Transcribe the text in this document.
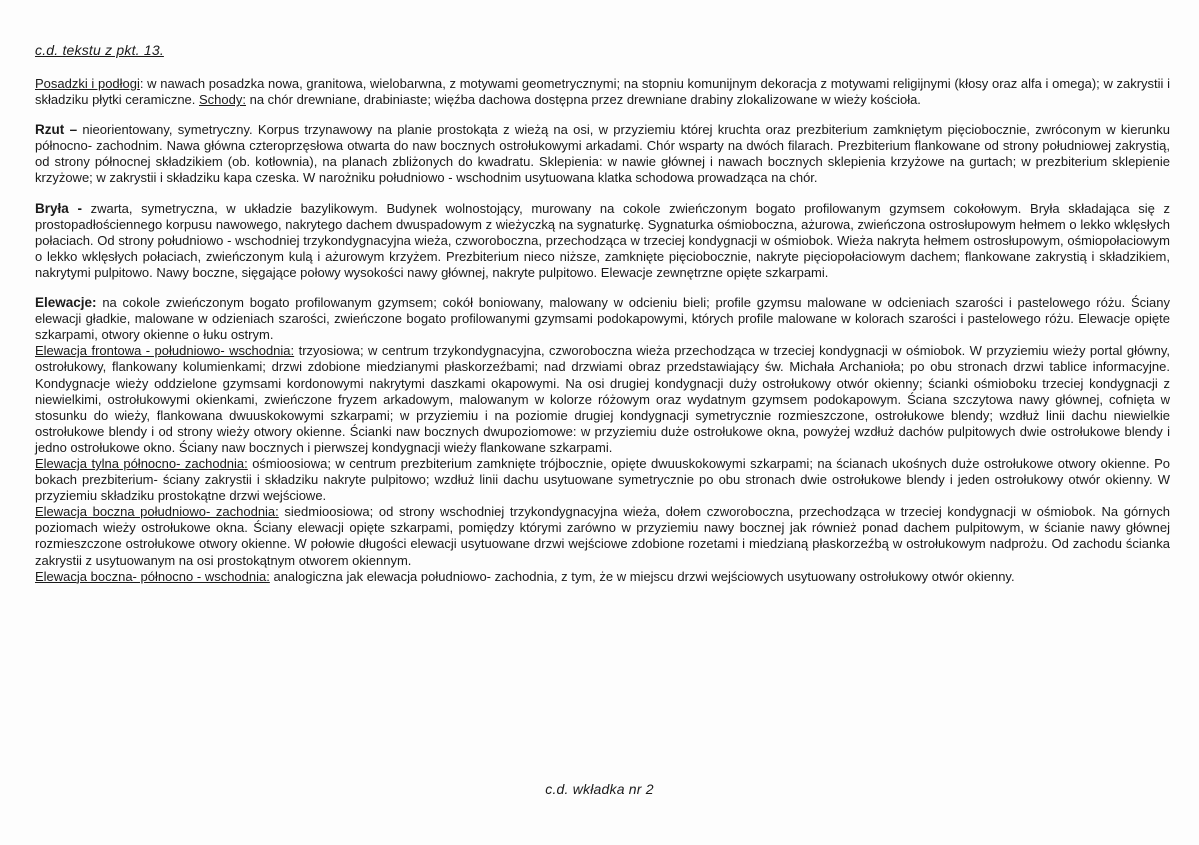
c.d. tekstu z pkt. 13.

Posadzki i podłogi: w nawach posadzka nowa, granitowa, wielobarwna, z motywami geometrycznymi; na stopniu komunijnym dekoracja z motywami religijnymi (kłosy oraz alfa i omega); w zakrystii i składziku płytki ceramiczne. Schody: na chór drewniane, drabiniaste; więźba dachowa dostępna przez drewniane drabiny zlokalizowane w wieży kościoła.

Rzut – nieorientowany, symetryczny. Korpus trzynawowy na planie prostokąta z wieżą na osi, w przyziemiu której kruchta oraz prezbiterium zamkniętym pięciobocznie, zwróconym w kierunku północno- zachodnim. Nawa główna czteroprzęsłowa otwarta do naw bocznych ostrołukowymi arkadami. Chór wsparty na dwóch filarach. Prezbiterium flankowane od strony południowej zakrystią, od strony północnej składzikiem (ob. kotłownia), na planach zbliżonych do kwadratu. Sklepienia: w nawie głównej i nawach bocznych sklepienia krzyżowe na gurtach; w prezbiterium sklepienie krzyżowe; w zakrystii i składziku kapa czeska. W narożniku południowo - wschodnim usytuowana klatka schodowa prowadząca na chór.

Bryła - zwarta, symetryczna, w układzie bazylikowym. Budynek wolnostojący, murowany na cokole zwieńczonym bogato profilowanym gzymsem cokołowym. Bryła składająca się z prostopadłościennego korpusu nawowego, nakrytego dachem dwuspadowym z wieżyczką na sygnaturkę. Sygnaturka ośmioboczna, ażurowa, zwieńczona ostrosłupowym hełmem o lekko wklęsłych połaciach. Od strony południowo - wschodniej trzykondygnacyjna wieża, czworoboczna, przechodząca w trzeciej kondygnacji w ośmiobok. Wieża nakryta hełmem ostrosłupowym, ośmiopołaciowym o lekko wklęsłych połaciach, zwieńczonym kulą i ażurowym krzyżem. Prezbiterium nieco niższe, zamknięte pięciobocznie, nakryte pięciopołaciowym dachem; flankowane zakrystią i składzikiem, nakrytymi pulpitowo. Nawy boczne, sięgające połowy wysokości nawy głównej, nakryte pulpitowo. Elewacje zewnętrzne opięte szkarpami.

Elewacje: na cokole zwieńczonym bogato profilowanym gzymsem; cokół boniowany, malowany w odcieniu bieli; profile gzymsu malowane w odcieniach szarości i pastelowego różu. Ściany elewacji gładkie, malowane w odzieniach szarości, zwieńczone bogato profilowanymi gzymsami podokapowymi, których profile malowane w kolorach szarości i pastelowego różu. Elewacje opięte szkarpami, otwory okienne o łuku ostrym.

Elewacja frontowa - południowo- wschodnia: trzyosiowa; w centrum trzykondygnacyjna, czworoboczna wieża przechodząca w trzeciej kondygnacji w ośmiobok. W przyziemiu wieży portal główny, ostrołukowy, flankowany kolumienkami; drzwi zdobione miedzianymi płaskorzeźbami; nad drzwiami obraz przedstawiający św. Michała Archanioła; po obu stronach drzwi tablice informacyjne. Kondygnacje wieży oddzielone gzymsami kordonowymi nakrytymi daszkami okapowymi. Na osi drugiej kondygnacji duży ostrołukowy otwór okienny; ścianki ośmioboku trzeciej kondygnacji z niewielkimi, ostrołukowymi okienkami, zwieńczone fryzem arkadowym, malowanym w kolorze różowym oraz wydatnym gzymsem podokapowym. Ściana szczytowa nawy głównej, cofnięta w stosunku do wieży, flankowana dwuuskokowymi szkarpami; w przyziemiu i na poziomie drugiej kondygnacji symetrycznie rozmieszczone, ostrołukowe blendy; wzdłuż linii dachu niewielkie ostrołukowe blendy i od strony wieży otwory okienne. Ścianki naw bocznych dwupoziomowe: w przyziemiu duże ostrołukowe okna, powyżej wzdłuż dachów pulpitowych dwie ostrołukowe blendy i jedno ostrołukowe okno. Ściany naw bocznych i pierwszej kondygnacji wieży flankowane szkarpami.

Elewacja tylna północno- zachodnia: ośmioosiowa; w centrum prezbiterium zamknięte trójbocznie, opięte dwuuskokowymi szkarpami; na ścianach ukośnych duże ostrołukowe otwory okienne. Po bokach prezbiterium- ściany zakrystii i składziku nakryte pulpitowo; wzdłuż linii dachu usytuowane symetrycznie po obu stronach dwie ostrołukowe blendy i jeden ostrołukowy otwór okienny. W przyziemiu składziku prostokątne drzwi wejściowe.

Elewacja boczna południowo- zachodnia: siedmioosiowa; od strony wschodniej trzykondygnacyjna wieża, dołem czworoboczna, przechodząca w trzeciej kondygnacji w ośmiobok. Na górnych poziomach wieży ostrołukowe okna. Ściany elewacji opięte szkarpami, pomiędzy którymi zarówno w przyziemiu nawy bocznej jak również ponad dachem pulpitowym, w ścianie nawy głównej rozmieszczone ostrołukowe otwory okienne. W połowie długości elewacji usytuowane drzwi wejściowe zdobione rozetami i miedzianą płaskorzeźbą w ostrołukowym nadprożu. Od zachodu ścianka zakrystii z usytuowanym na osi prostokątnym otworem okiennym.

Elewacja boczna- północno - wschodnia: analogiczna jak elewacja południowo- zachodnia, z tym, że w miejscu drzwi wejściowych usytuowany ostrołukowy otwór okienny.

c.d. wkładka nr 2
